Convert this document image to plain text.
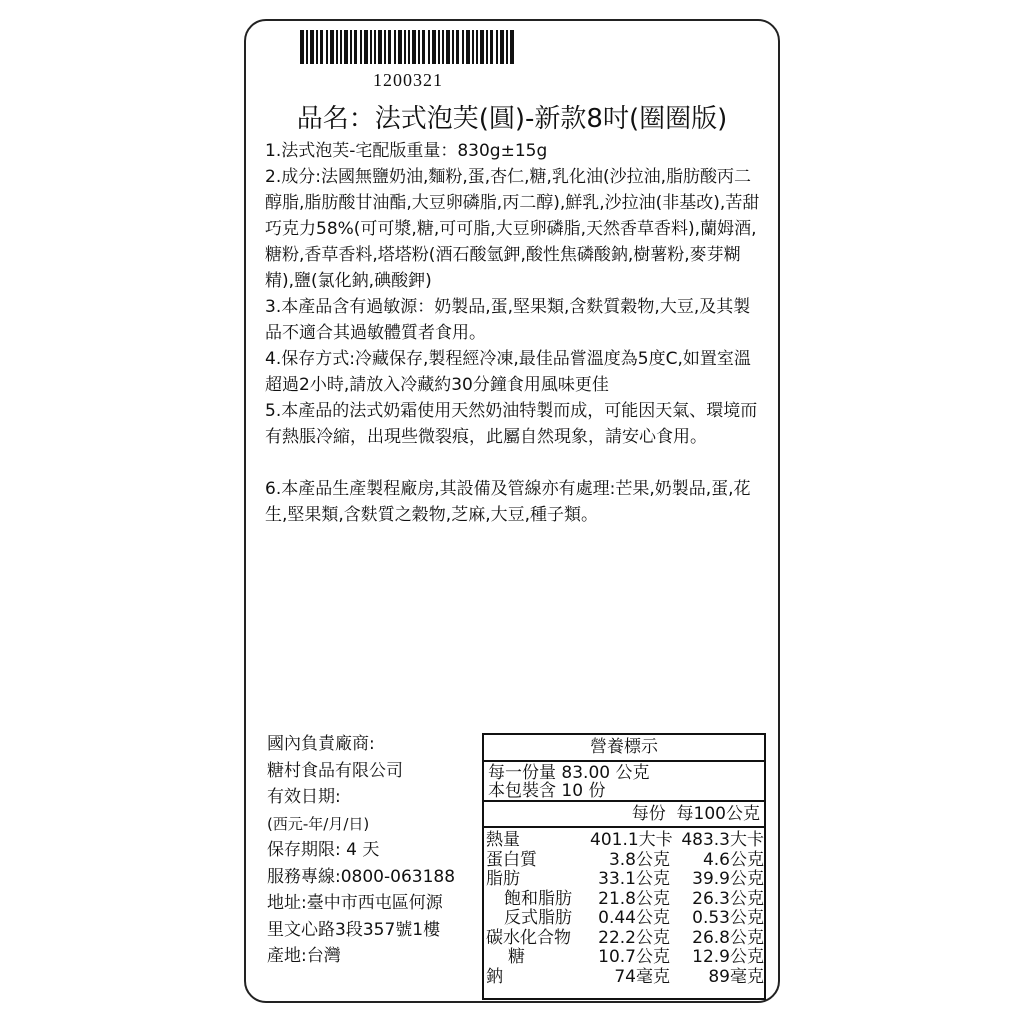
1200321
品名：法式泡芙(圓)-新款8吋(圈圈版)

1.法式泡芙-宅配版重量：830g±15g

2.成分:法國無鹽奶油,麵粉,蛋,杏仁,糖,乳化油(沙拉油,脂肪酸丙二醇脂,脂肪酸甘油酯,大豆卵磷脂,丙二醇),鮮乳,沙拉油(非基改),苦甜巧克力58%(可可漿,糖,可可脂,大豆卵磷脂,天然香草香料),蘭姆酒,糖粉,香草香料,塔塔粉(酒石酸氫鉀,酸性焦磷酸鈉,樹薯粉,麥芽糊精),鹽(氯化鈉,碘酸鉀)

3.本產品含有過敏源：奶製品,蛋,堅果類,含麩質穀物,大豆,及其製品不適合其過敏體質者食用。

4.保存方式:冷藏保存,製程經冷凍,最佳品嘗溫度為5度C,如置室溫超過2小時,請放入冷藏約30分鐘食用風味更佳

5.本產品的法式奶霜使用天然奶油特製而成，可能因天氣、環境而有熱脹冷縮，出現些微裂痕，此屬自然現象，請安心食用。

6.本產品生產製程廠房,其設備及管線亦有處理:芒果,奶製品,蛋,花生,堅果類,含麩質之穀物,芝麻,大豆,種子類。

國內負責廠商:
糖村食品有限公司
有效日期:
(西元-年/月/日)
保存期限: 4 天
服務專線:0800-063188
地址:臺中市西屯區何源
里文心路3段357號1樓
產地:台灣
營養標示
每一份量 83.00 公克
本包裝含 10 份
每份  每100公克
熱量	401.1大卡 483.3大卡
蛋白質	3.8公克	4.6公克
脂肪	33.1公克	39.9公克
飽和脂肪	21.8公克	26.3公克
反式脂肪	0.44公克	0.53公克
碳水化合物	22.2公克	26.8公克
糖	10.7公克	12.9公克
鈉	74毫克	89毫克
